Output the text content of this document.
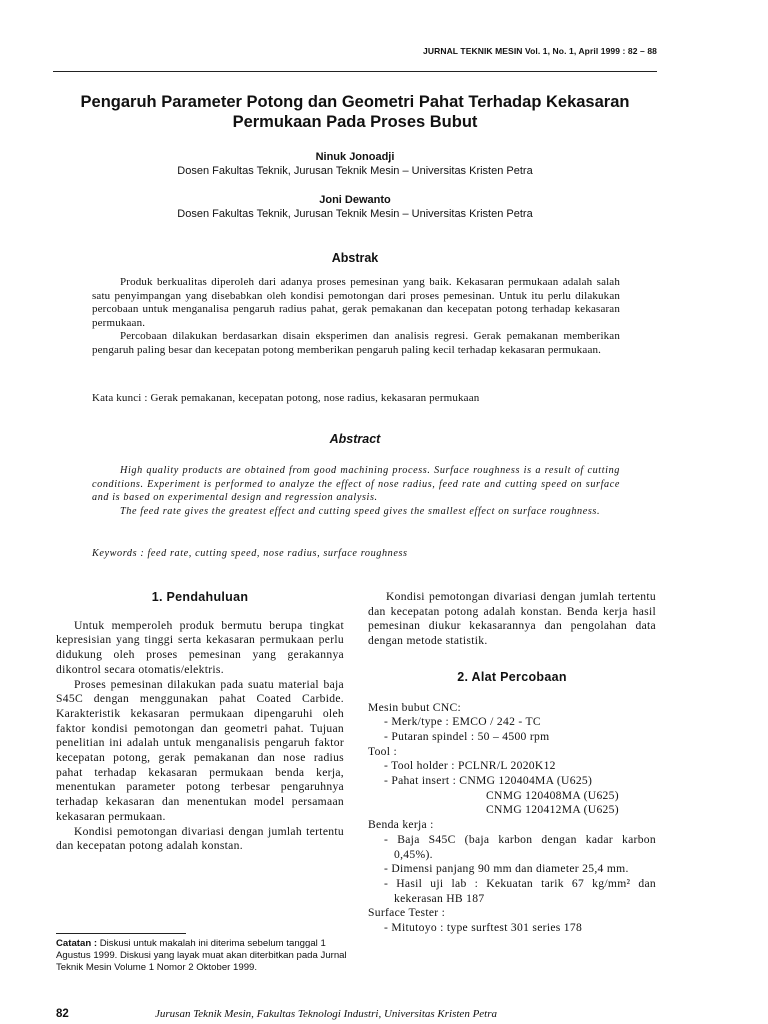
JURNAL TEKNIK MESIN Vol. 1, No. 1, April 1999 : 82 – 88
Pengaruh Parameter Potong dan Geometri Pahat Terhadap Kekasaran
Permukaan Pada Proses Bubut
Ninuk Jonoadji
Dosen Fakultas Teknik, Jurusan Teknik Mesin – Universitas Kristen Petra
Joni Dewanto
Dosen Fakultas Teknik, Jurusan Teknik Mesin – Universitas Kristen Petra
Abstrak

Produk berkualitas diperoleh dari adanya proses pemesinan yang baik. Kekasaran permukaan adalah salah satu penyimpangan yang disebabkan oleh kondisi pemotongan dari proses pemesinan. Untuk itu perlu dilakukan percobaan untuk menganalisa pengaruh radius pahat, gerak pemakanan dan kecepatan potong terhadap kekasaran permukaan.

Percobaan dilakukan berdasarkan disain eksperimen dan analisis regresi. Gerak pemakanan memberikan pengaruh paling besar dan kecepatan potong memberikan pengaruh paling kecil terhadap kekasaran permukaan.

Kata kunci : Gerak pemakanan, kecepatan potong, nose radius, kekasaran permukaan
Abstract

High quality products are obtained from good machining process. Surface roughness is a result of cutting conditions. Experiment is performed to analyze the effect of nose radius, feed rate and cutting speed on surface and is based on experimental design and regression analysis.

The feed rate gives the greatest effect and cutting speed gives the smallest effect on surface roughness.

Keywords : feed rate, cutting speed, nose radius, surface roughness
1. Pendahuluan

Untuk memperoleh produk bermutu berupa tingkat kepresisian yang tinggi serta kekasaran permukaan perlu didukung oleh proses pemesinan yang gerakannya dikontrol secara otomatis/elektris.

Proses pemesinan dilakukan pada suatu material baja S45C dengan menggunakan pahat Coated Carbide. Karakteristik kekasaran permukaan dipengaruhi oleh faktor kondisi pemotongan dan geometri pahat. Tujuan penelitian ini adalah untuk menganalisis pengaruh faktor kecepatan potong, gerak pemakanan dan nose radius pahat terhadap kekasaran permukaan benda kerja, menentukan parameter potong terbesar pengaruhnya terhadap kekasaran dan menentukan model persamaan kekasaran permukaan.

Kondisi pemotongan divariasi dengan jumlah tertentu dan kecepatan potong adalah konstan.

Kondisi pemotongan divariasi dengan jumlah tertentu dan kecepatan potong adalah konstan. Benda kerja hasil pemesinan diukur kekasarannya dan pengolahan data dengan metode statistik.

2. Alat Percobaan
Mesin bubut CNC:
- Merk/type : EMCO / 242 - TC
- Putaran spindel : 50 – 4500 rpm
Tool :
- Tool holder : PCLNR/L 2020K12
- Pahat insert : CNMG 120404MA (U625)
CNMG 120408MA (U625)
CNMG 120412MA (U625)
Benda kerja :
- Baja S45C (baja karbon dengan kadar karbon 0,45%).
- Dimensi panjang 90 mm dan diameter 25,4 mm.
- Hasil uji lab : Kekuatan tarik 67 kg/mm² dan kekerasan HB 187
Surface Tester :
- Mitutoyo : type surftest 301 series 178
Catatan : Diskusi untuk makalah ini diterima sebelum tanggal 1 Agustus 1999. Diskusi yang layak muat akan diterbitkan pada Jurnal Teknik Mesin Volume 1 Nomor 2 Oktober 1999.
82	Jurusan Teknik Mesin, Fakultas Teknologi Industri, Universitas Kristen Petra
